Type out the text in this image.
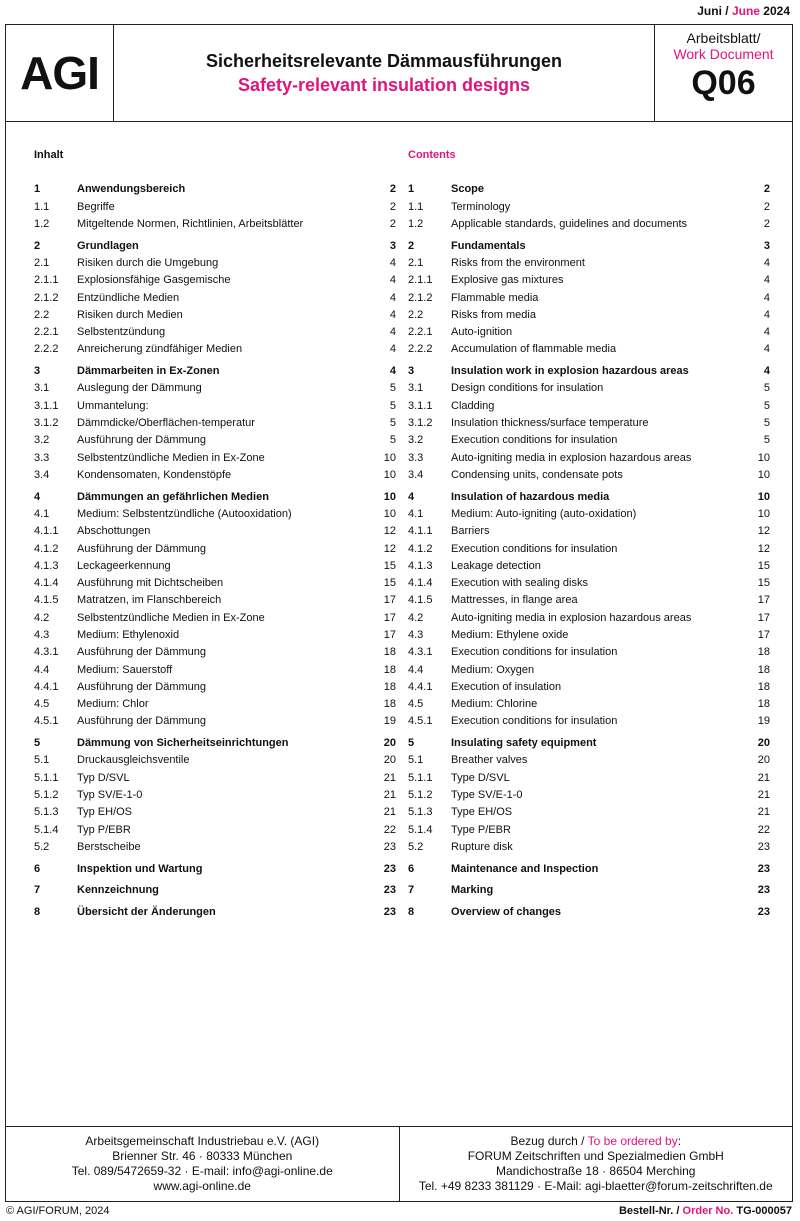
Juni / June 2024
AGI	Sicherheitsrelevante Dämmausführungen
Safety-relevant insulation designs
Arbeitsblatt/
Work Document
Q06
Inhalt
1	Anwendungsbereich	2
1.1	Begriffe	2
1.2	Mitgeltende Normen, Richtlinien, Arbeitsblätter	2
2	Grundlagen	3
2.1	Risiken durch die Umgebung	4
2.1.1	Explosionsfähige Gasgemische	4
2.1.2	Entzündliche Medien	4
2.2	Risiken durch Medien	4
2.2.1	Selbstentzündung	4
2.2.2	Anreicherung zündfähiger Medien	4
3	Dämmarbeiten in Ex-Zonen	4
3.1	Auslegung der Dämmung	5
3.1.1	Ummantelung:	5
3.1.2	Dämmdicke/Oberflächen-temperatur	5
3.2	Ausführung der Dämmung	5
3.3	Selbstentzündliche Medien in Ex-Zone	10
3.4	Kondensomaten, Kondenstöpfe	10
4	Dämmungen an gefährlichen Medien	10
4.1	Medium: Selbstentzündliche (Autooxidation)	10
4.1.1	Abschottungen	12
4.1.2	Ausführung der Dämmung	12
4.1.3	Leckageerkennung	15
4.1.4	Ausführung mit Dichtscheiben	15
4.1.5	Matratzen, im Flanschbereich	17
4.2	Selbstentzündliche Medien in Ex-Zone	17
4.3	Medium: Ethylenoxid	17
4.3.1	Ausführung der Dämmung	18
4.4	Medium: Sauerstoff	18
4.4.1	Ausführung der Dämmung	18
4.5	Medium: Chlor	18
4.5.1	Ausführung der Dämmung	19
5	Dämmung von Sicherheitseinrichtungen	20
5.1	Druckausgleichsventile	20
5.1.1	Typ D/SVL	21
5.1.2	Typ SV/E-1-0	21
5.1.3	Typ EH/OS	21
5.1.4	Typ P/EBR	22
5.2	Berstscheibe	23
6	Inspektion und Wartung	23
7	Kennzeichnung	23
8	Übersicht der Änderungen	23
Contents
1	Scope	2
1.1	Terminology	2
1.2	Applicable standards, guidelines and documents	2
2	Fundamentals	3
2.1	Risks from the environment	4
2.1.1	Explosive gas mixtures	4
2.1.2	Flammable media	4
2.2	Risks from media	4
2.2.1	Auto-ignition	4
2.2.2	Accumulation of flammable media	4
3	Insulation work in explosion hazardous areas	4
3.1	Design conditions for insulation	5
3.1.1	Cladding	5
3.1.2	Insulation thickness/surface temperature	5
3.2	Execution conditions for insulation	5
3.3	Auto-igniting media in explosion hazardous areas	10
3.4	Condensing units, condensate pots	10
4	Insulation of hazardous media	10
4.1	Medium: Auto-igniting (auto-oxidation)	10
4.1.1	Barriers	12
4.1.2	Execution conditions for insulation	12
4.1.3	Leakage detection	15
4.1.4	Execution with sealing disks	15
4.1.5	Mattresses, in flange area	17
4.2	Auto-igniting media in explosion hazardous areas	17
4.3	Medium: Ethylene oxide	17
4.3.1	Execution conditions for insulation	18
4.4	Medium: Oxygen	18
4.4.1	Execution of insulation	18
4.5	Medium: Chlorine	18
4.5.1	Execution conditions for insulation	19
5	Insulating safety equipment	20
5.1	Breather valves	20
5.1.1	Type D/SVL	21
5.1.2	Type SV/E-1-0	21
5.1.3	Type EH/OS	21
5.1.4	Type P/EBR	22
5.2	Rupture disk	23
6	Maintenance and Inspection	23
7	Marking	23
8	Overview of changes	23
Arbeitsgemeinschaft Industriebau e.V. (AGI)
Brienner Str. 46 · 80333 München
Tel. 089/5472659-32 · E-mail: info@agi-online.de
www.agi-online.de
Bezug durch / To be ordered by:
FORUM Zeitschriften und Spezialmedien GmbH
Mandichostraße 18 · 86504 Merching
Tel. +49 8233 381129 · E-Mail: agi-blaetter@forum-zeitschriften.de
© AGI/FORUM, 2024	Bestell-Nr. / Order No. TG-000057
